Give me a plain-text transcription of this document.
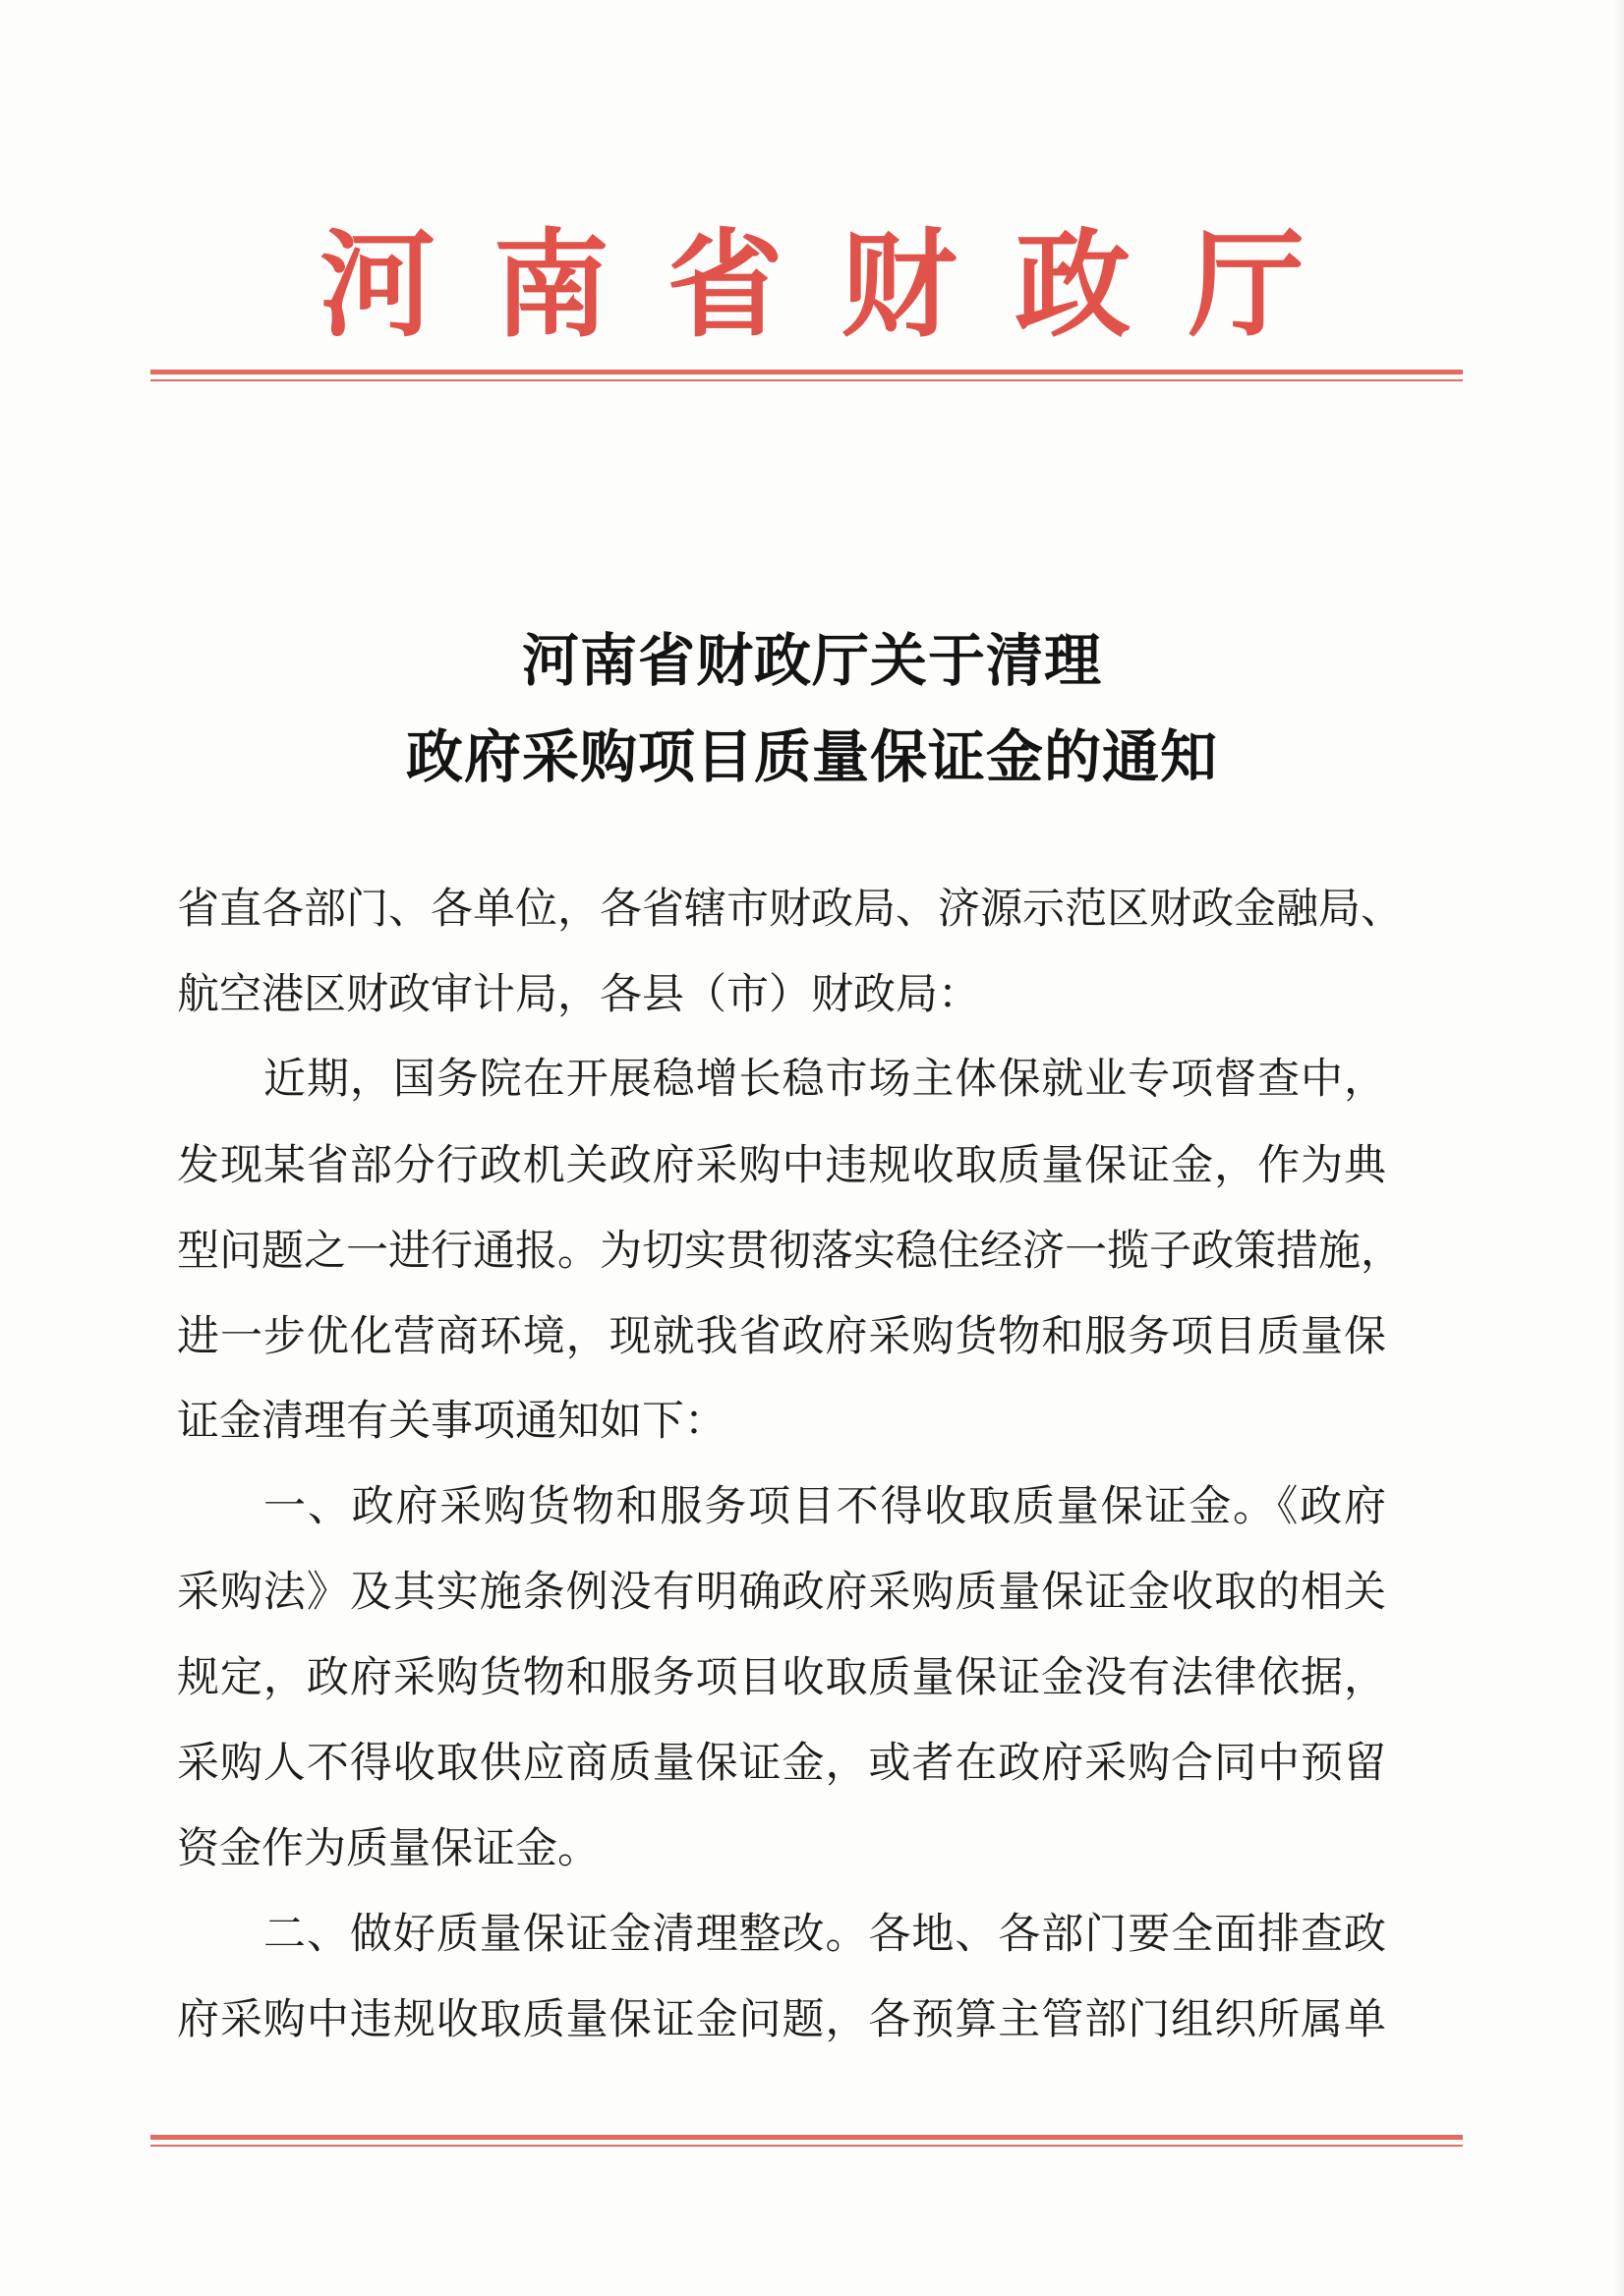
河 南 省 财 政 厅
河南省财政厅关于清理
政府采购项目质量保证金的通知
省直各部门、各单位，各省辖市财政局、济源示范区财政金融局、
航空港区财政审计局，各县（市）财政局：
近期，国务院在开展稳增长稳市场主体保就业专项督查中，
发现某省部分行政机关政府采购中违规收取质量保证金，作为典
型问题之一进行通报。为切实贯彻落实稳住经济一揽子政策措施，
进一步优化营商环境，现就我省政府采购货物和服务项目质量保
证金清理有关事项通知如下：
一、政府采购货物和服务项目不得收取质量保证金。《政府
采购法》及其实施条例没有明确政府采购质量保证金收取的相关
规定，政府采购货物和服务项目收取质量保证金没有法律依据，
采购人不得收取供应商质量保证金，或者在政府采购合同中预留
资金作为质量保证金。
二、做好质量保证金清理整改。各地、各部门要全面排查政
府采购中违规收取质量保证金问题，各预算主管部门组织所属单
